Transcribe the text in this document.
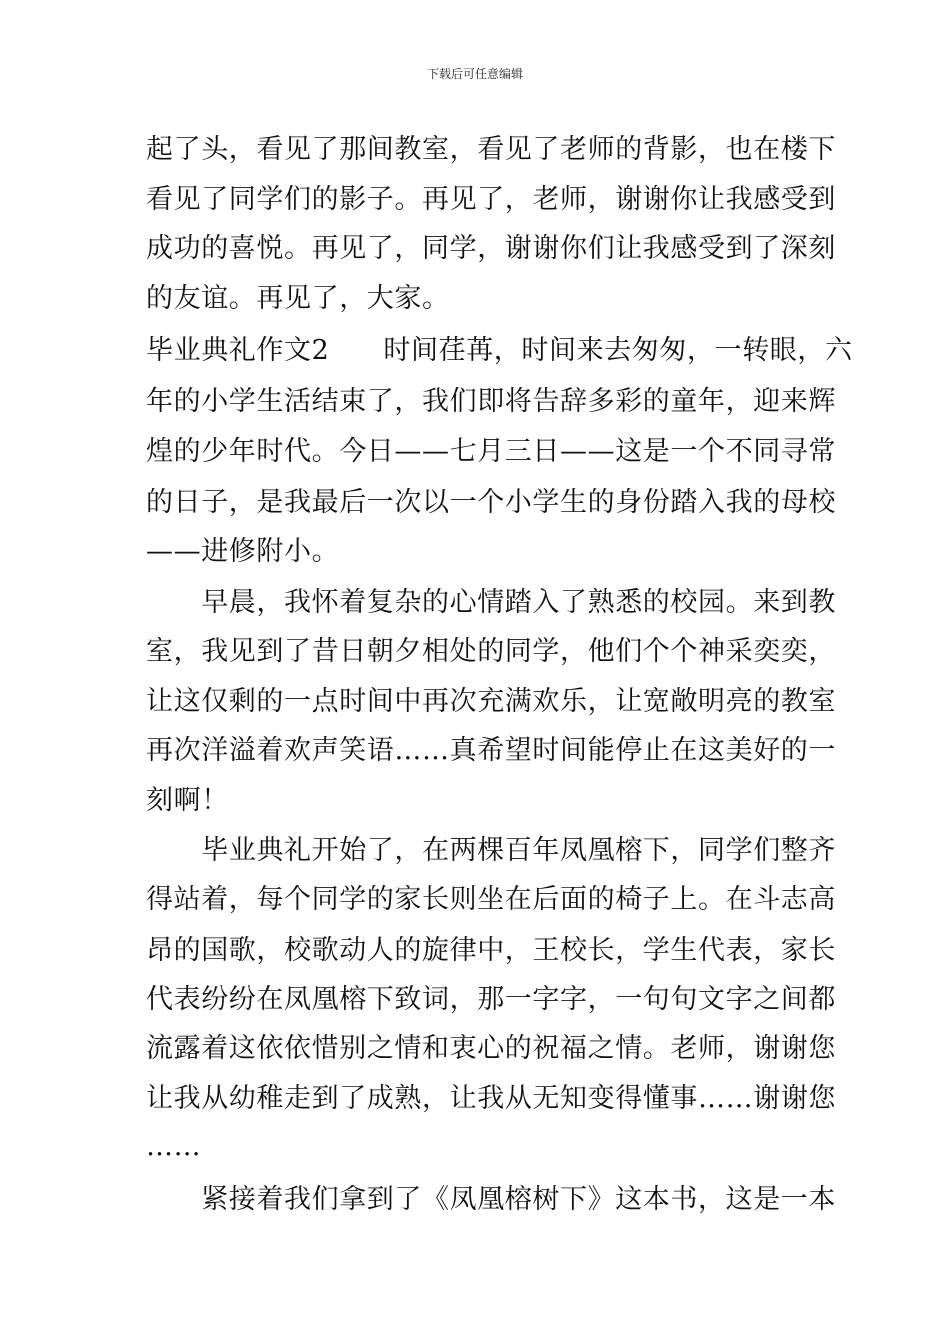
下载后可任意编辑
起了头，看见了那间教室，看见了老师的背影，也在楼下
看见了同学们的影子。再见了，老师，谢谢你让我感受到
成功的喜悦。再见了，同学，谢谢你们让我感受到了深刻
的友谊。再见了，大家。
毕业典礼作文2 时间荏苒，时间来去匆匆，一转眼，六
年的小学生活结束了，我们即将告辞多彩的童年，迎来辉
煌的少年时代。今日——七月三日——这是一个不同寻常
的日子，是我最后一次以一个小学生的身份踏入我的母校
——进修附小。
　　早晨，我怀着复杂的心情踏入了熟悉的校园。来到教
室，我见到了昔日朝夕相处的同学，他们个个神采奕奕，
让这仅剩的一点时间中再次充满欢乐，让宽敞明亮的教室
再次洋溢着欢声笑语……真希望时间能停止在这美好的一
刻啊！
　　毕业典礼开始了，在两棵百年凤凰榕下，同学们整齐
得站着，每个同学的家长则坐在后面的椅子上。在斗志高
昂的国歌，校歌动人的旋律中，王校长，学生代表，家长
代表纷纷在凤凰榕下致词，那一字字，一句句文字之间都
流露着这依依惜别之情和衷心的祝福之情。老师，谢谢您
让我从幼稚走到了成熟，让我从无知变得懂事……谢谢您
……
　　紧接着我们拿到了《凤凰榕树下》这本书，这是一本
